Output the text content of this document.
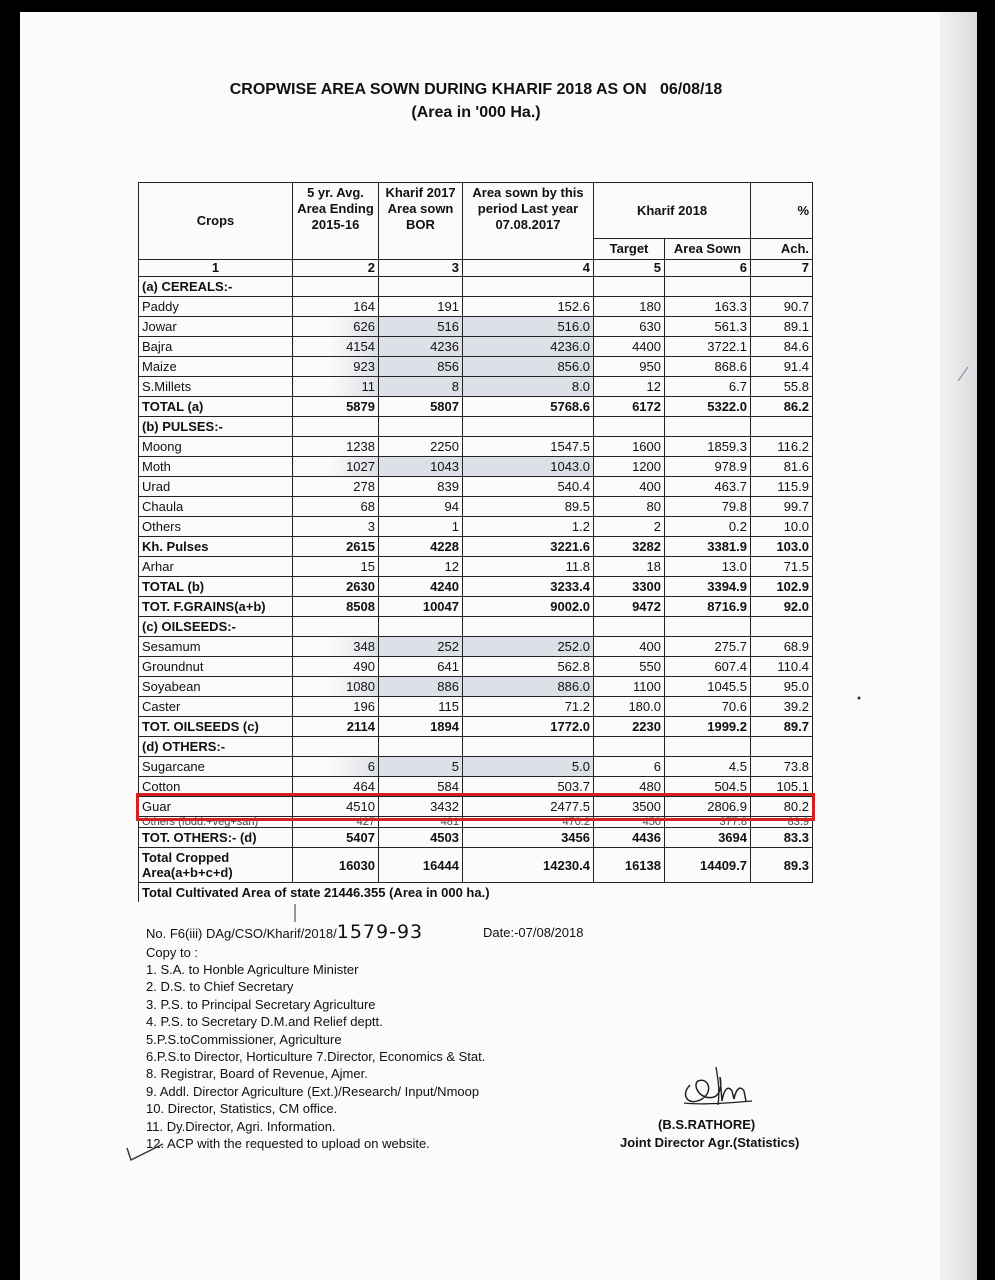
CROPWISE AREA SOWN DURING KHARIF 2018 AS ON   06/08/18
(Area in '000 Ha.)
Crops	5 yr. Avg. Area Ending 2015-16	Kharif 2017 Area sown BOR	Area sown by this period Last year 07.08.2017	Kharif 2018		%
				Target	Area Sown	Ach.
1	2	3	4	5	6	7
(a) CEREALS:-						
Paddy	164	191	152.6	180	163.3	90.7
Jowar	626	516	516.0	630	561.3	89.1
Bajra	4154	4236	4236.0	4400	3722.1	84.6
Maize	923	856	856.0	950	868.6	91.4
S.Millets	11	8	8.0	12	6.7	55.8
TOTAL (a)	5879	5807	5768.6	6172	5322.0	86.2
(b) PULSES:-						
Moong	1238	2250	1547.5	1600	1859.3	116.2
Moth	1027	1043	1043.0	1200	978.9	81.6
Urad	278	839	540.4	400	463.7	115.9
Chaula	68	94	89.5	80	79.8	99.7
Others	3	1	1.2	2	0.2	10.0
Kh. Pulses	2615	4228	3221.6	3282	3381.9	103.0
Arhar	15	12	11.8	18	13.0	71.5
TOTAL (b)	2630	4240	3233.4	3300	3394.9	102.9
TOT. F.GRAINS(a+b)	8508	10047	9002.0	9472	8716.9	92.0
(c) OILSEEDS:-						
Sesamum	348	252	252.0	400	275.7	68.9
Groundnut	490	641	562.8	550	607.4	110.4
Soyabean	1080	886	886.0	1100	1045.5	95.0
Caster	196	115	71.2	180.0	70.6	39.2
TOT. OILSEEDS (c)	2114	1894	1772.0	2230	1999.2	89.7
(d) OTHERS:-						
Sugarcane	6	5	5.0	6	4.5	73.8
Cotton	464	584	503.7	480	504.5	105.1
Guar	4510	3432	2477.5	3500	2806.9	80.2
Others (fodd.+veg+san)	427	481	470.2	450	377.8	83.9
TOT. OTHERS:- (d)	5407	4503	3456	4436	3694	83.3
Total Cropped Area(a+b+c+d)	16030	16444	14230.4	16138	14409.7	89.3
Total Cultivated Area of state 21446.355 (Area in 000 ha.)						
No. F6(iii) DAg/CSO/Kharif/2018/1579-93	Date:-07/08/2018
Copy to :
1. S.A. to Honble Agriculture Minister
2. D.S. to Chief Secretary
3. P.S. to Principal Secretary Agriculture
4. P.S. to Secretary D.M.and Relief deptt.
5.P.S.toCommissioner, Agriculture
6.P.S.to Director, Horticulture 7.Director, Economics & Stat.
8. Registrar, Board of Revenue, Ajmer.
9. Addl. Director Agriculture (Ext.)/Research/ Input/Nmoop
10. Director, Statistics, CM office.
11. Dy.Director, Agri. Information.
12. ACP with the requested to upload on website.
(B.S.RATHORE)
Joint Director Agr.(Statistics)
